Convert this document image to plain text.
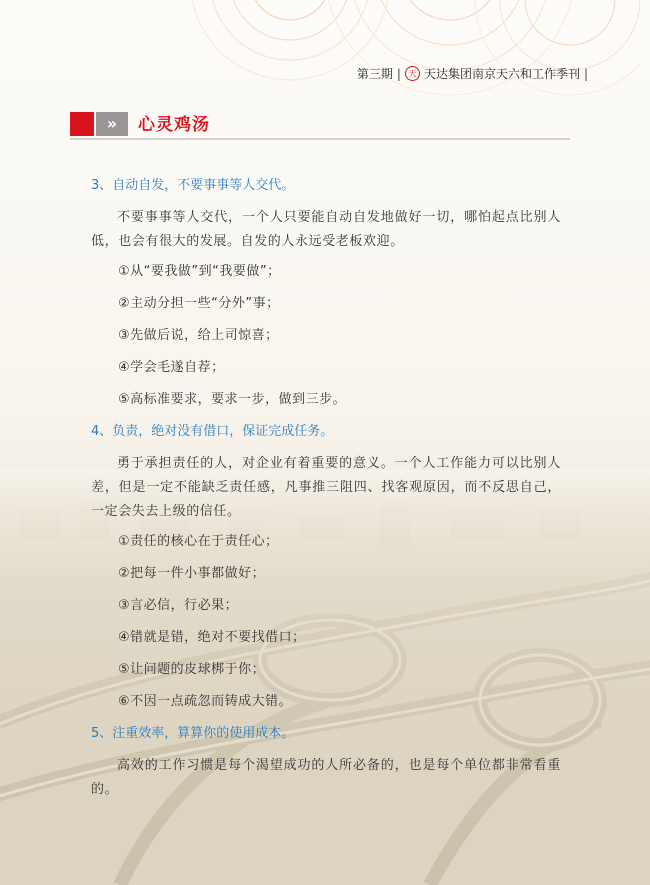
第三期 | 天 天达集团南京天六和工作季刊 |
»	心灵鸡汤
3、自动自发，不要事事等人交代。

不要事事等人交代，一个人只要能自动自发地做好一切，哪怕起点比别人低，也会有很大的发展。自发的人永远受老板欢迎。

①从“要我做”到“我要做”；
②主动分担一些“分外”事；
③先做后说，给上司惊喜；
④学会毛遂自荐；
⑤高标准要求，要求一步，做到三步。
4、负责，绝对没有借口，保证完成任务。

勇于承担责任的人，对企业有着重要的意义。一个人工作能力可以比别人差，但是一定不能缺乏责任感，凡事推三阻四、找客观原因，而不反思自己，一定会失去上级的信任。

①责任的核心在于责任心；
②把每一件小事都做好；
③言必信，行必果；
④错就是错，绝对不要找借口；
⑤让问题的皮球梆于你；
⑥不因一点疏忽而铸成大错。
5、注重效率，算算你的使用成本。

高效的工作习惯是每个渴望成功的人所必备的，也是每个单位都非常看重的。
